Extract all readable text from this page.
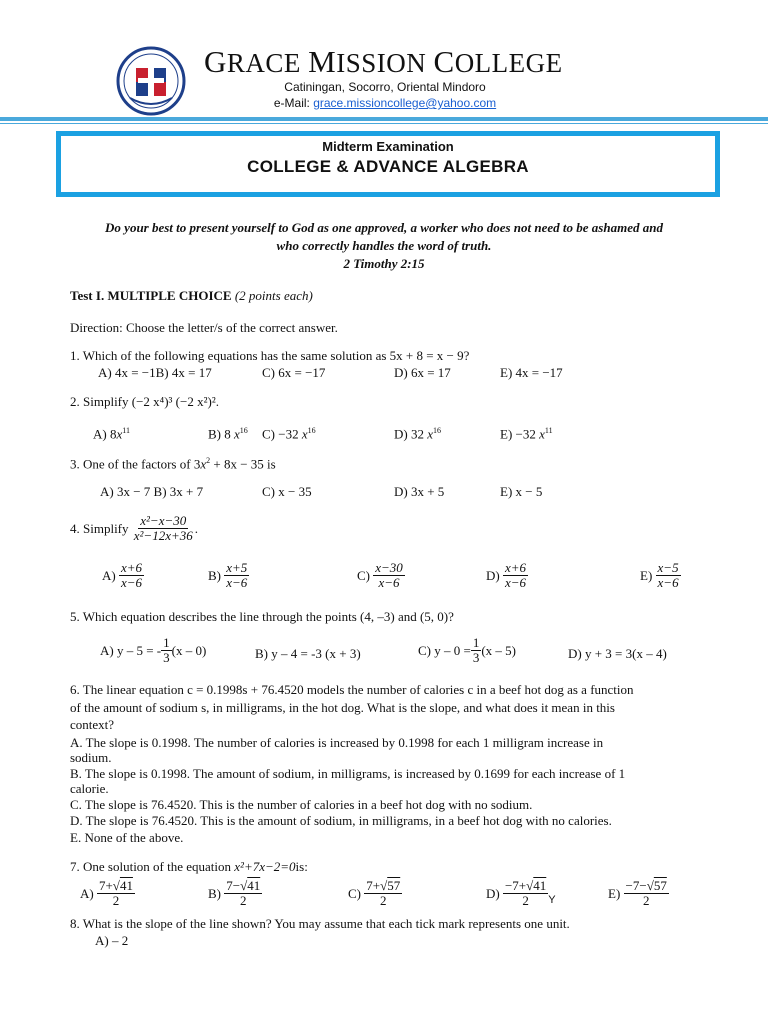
GRACE MISSION COLLEGE
Catiningan, Socorro, Oriental Mindoro
e-Mail: grace.missioncollege@yahoo.com
Midterm Examination
COLLEGE & ADVANCE ALGEBRA
Do your best to present yourself to God as one approved, a worker who does not need to be ashamed and
who correctly handles the word of truth.
2 Timothy 2:15
Test I. MULTIPLE CHOICE (2 points each)
Direction: Choose the letter/s of the correct answer.
1. Which of the following equations has the same solution as 5x + 8 = x − 9?
A) 4x = −1B) 4x = 17	C) 6x = −17	D) 6x = 17	E) 4x = −17
2. Simplify (−2 x⁴)³ (−2 x²)².
A) $8x^{11}$	B) 8 $x^{16}$ C) −32 $x^{16}$	D) 32 $x^{16}$	E) −32 $x^{11}$
3. One of the factors of $3x^2 + 8x - 35$ is
A) 3x − 7 B) 3x + 7	C) x − 35	D) 3x + 5	E) x − 5
4. Simplify
$\frac{\text{x²−x−30}}{\text{x²−12x+36}}$ .
A)
$\frac{x+6}{x-6}$	B)
$\frac{x+5}{x-6}$	C)
$\frac{x-30}{x-6}$	D)
$\frac{x+6}{x-6}$	E)
$\frac{x-5}{x-6}$
5. Which equation describes the line through the points (4, –3) and (5, 0)?
A) y – 5 = - $\frac{1}{3} (x - 0)$	B) y – 4 = -3 (x + 3)	C) $y - 0 = \frac{1}{3} (x - 5)$	D) y + 3 = 3(x – 4)
6. The linear equation c = 0.1998s + 76.4520 models the number of calories c in a beef hot dog as a function
of the amount of sodium s, in milligrams, in the hot dog. What is the slope, and what does it mean in this
context?
A. The slope is 0.1998. The number of calories is increased by 0.1998 for each 1 milligram increase in
sodium.
B. The slope is 0.1998. The amount of sodium, in milligrams, is increased by 0.1699 for each increase of 1
calorie.
C. The slope is 76.4520. This is the number of calories in a beef hot dog with no sodium.
D. The slope is 76.4520. This is the amount of sodium, in milligrams, in a beef hot dog with no calories.
E. None of the above.
7. One solution of the equation x²+7x−2=0is:
A)
$\frac{7+√41}{2}$	B)
$\frac{7-√41}{2}$	C)
$\frac{7+√57}{2}$	D)
$\frac{-7+√41}{2}$ Y	E)
$\frac{-7-√57}{2}$
8. What is the slope of the line shown? You may assume that each tick mark represents one unit.
A) – 2
